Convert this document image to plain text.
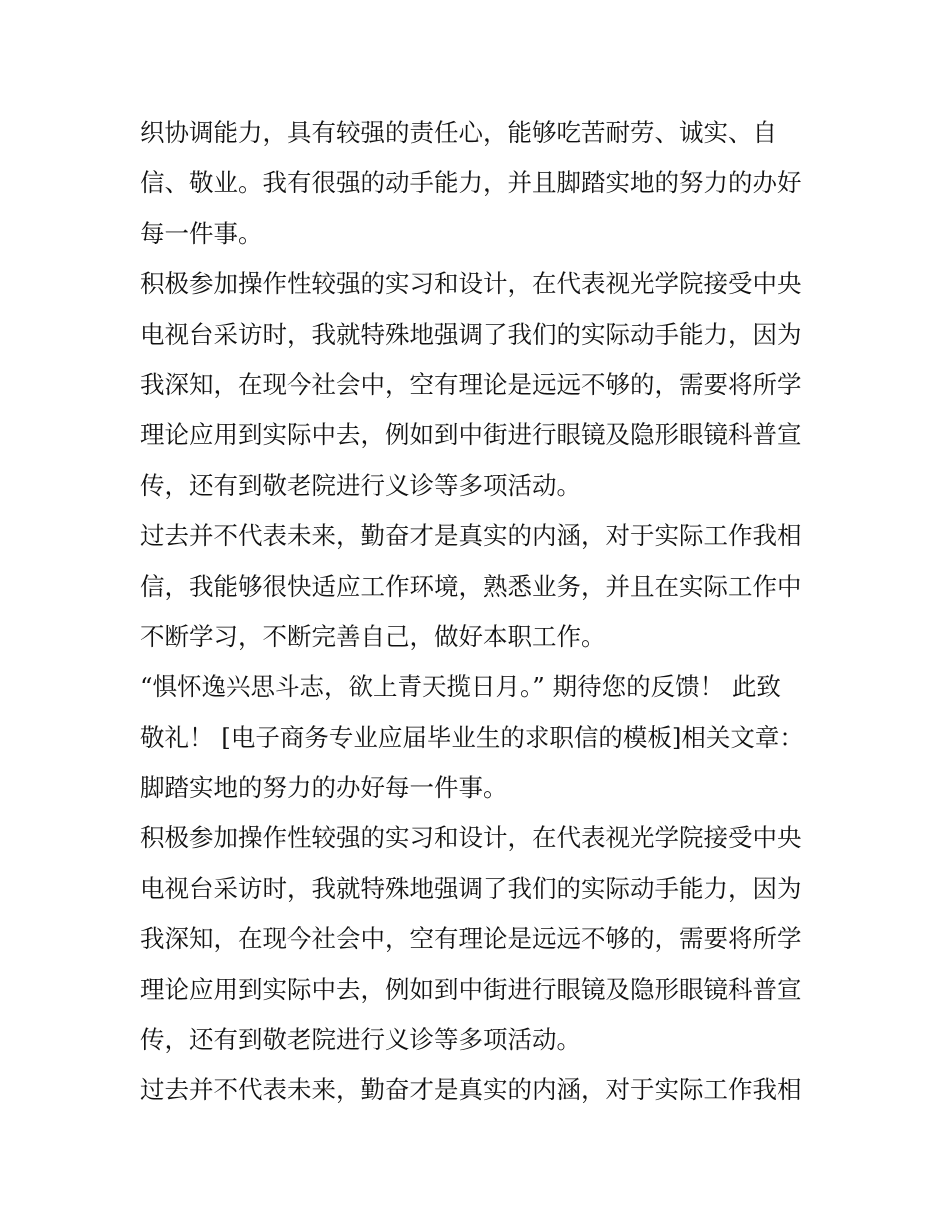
织协调能力，具有较强的责任心，能够吃苦耐劳、诚实、自
信、敬业。我有很强的动手能力，并且脚踏实地的努力的办好
每一件事。
积极参加操作性较强的实习和设计，在代表视光学院接受中央
电视台采访时，我就特殊地强调了我们的实际动手能力，因为
我深知，在现今社会中，空有理论是远远不够的，需要将所学
理论应用到实际中去，例如到中街进行眼镜及隐形眼镜科普宣
传，还有到敬老院进行义诊等多项活动。
过去并不代表未来，勤奋才是真实的内涵，对于实际工作我相
信，我能够很快适应工作环境，熟悉业务，并且在实际工作中
不断学习，不断完善自己，做好本职工作。
“惧怀逸兴思斗志，欲上青天揽日月。” 期待您的反馈！ 此致
敬礼！ [电子商务专业应届毕业生的求职信的模板]相关文章：
脚踏实地的努力的办好每一件事。
积极参加操作性较强的实习和设计，在代表视光学院接受中央
电视台采访时，我就特殊地强调了我们的实际动手能力，因为
我深知，在现今社会中，空有理论是远远不够的，需要将所学
理论应用到实际中去，例如到中街进行眼镜及隐形眼镜科普宣
传，还有到敬老院进行义诊等多项活动。
过去并不代表未来，勤奋才是真实的内涵，对于实际工作我相
